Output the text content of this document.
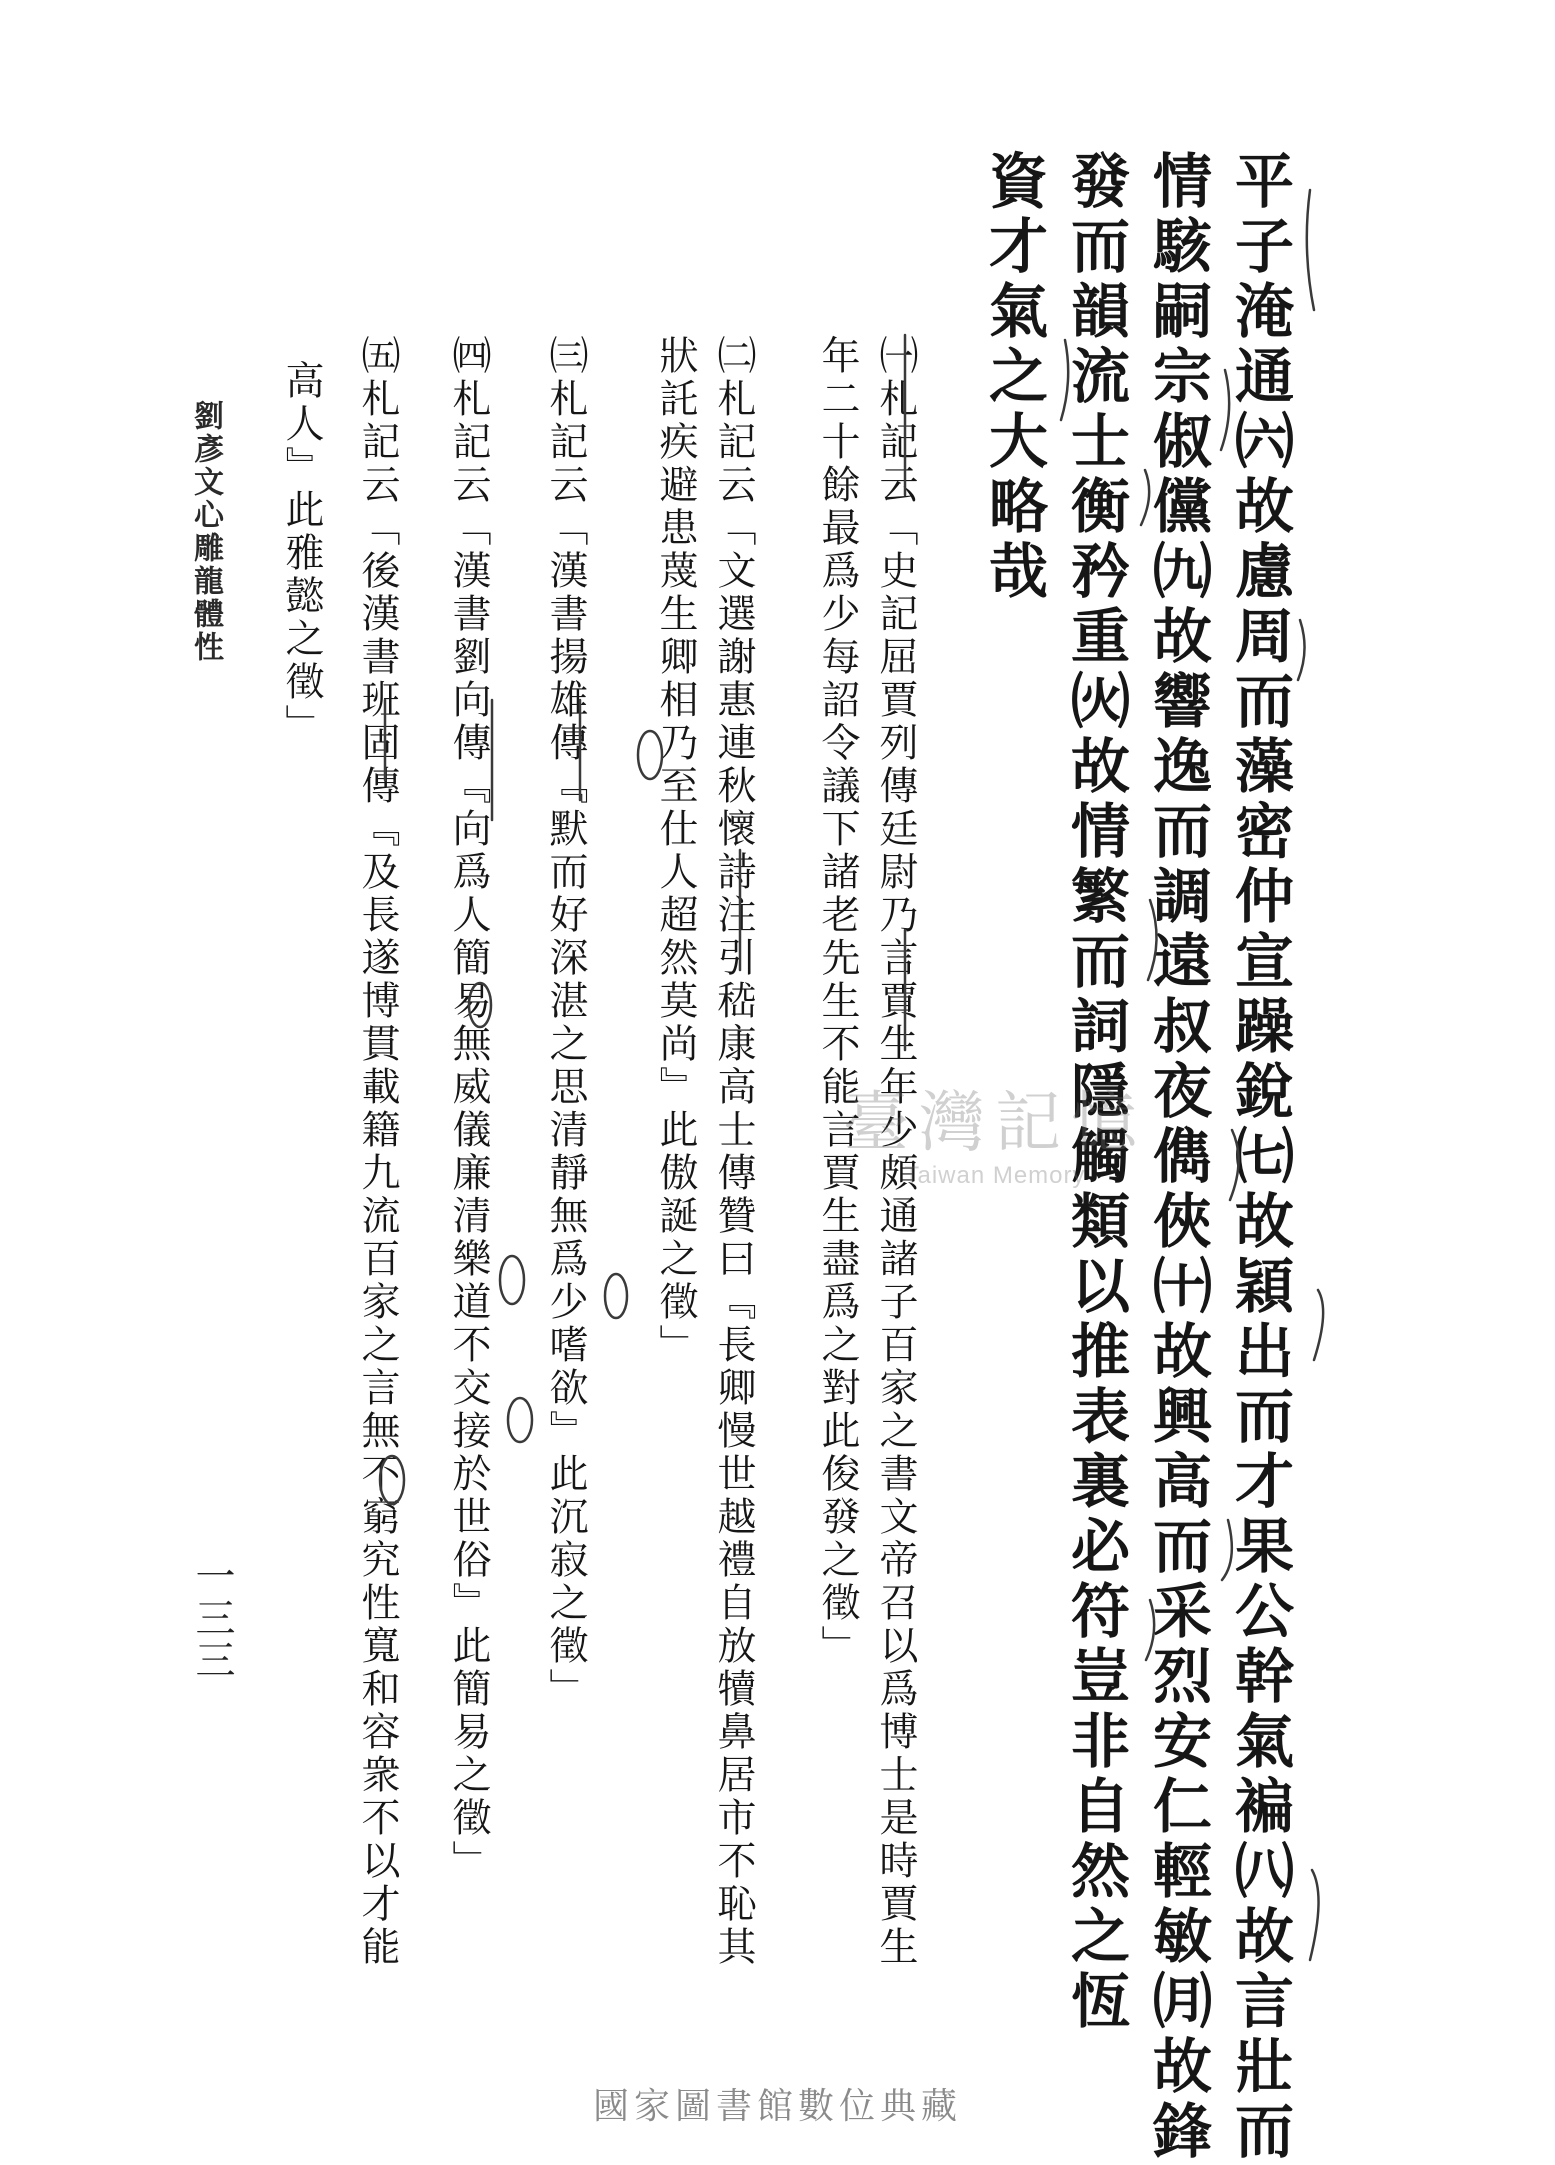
平子淹通㈥故慮周而藻密仲宣躁銳㈦故穎出而才果公幹氣褊㈧故言壯而
情駭嗣宗俶儻㈨故響逸而調遠叔夜儁俠㈩故興高而采烈安仁輕敏㈪故鋒
發而韻流士衡矜重㈫故情繁而詞隱觸類以推表裏必符豈非自然之恆
資才氣之大略哉
㈠札記云「史記屈賈列傳廷尉乃言賈生年少頗通諸子百家之書文帝召以爲博士是時賈生
年二十餘最爲少每詔令議下諸老先生不能言賈生盡爲之對此俊發之徵」
㈡札記云「文選謝惠連秋懷詩注引嵇康高士傳贊曰『長卿慢世越禮自放犢鼻居市不恥其
狀託疾避患蔑生卿相乃至仕人超然莫尚』此傲誕之徵」
㈢札記云「漢書揚雄傳『默而好深湛之思清靜無爲少嗜欲』此沉寂之徵」
㈣札記云「漢書劉向傳『向爲人簡易無威儀廉清樂道不交接於世俗』此簡易之徵」
㈤札記云「後漢書班固傳『及長遂博貫載籍九流百家之言無不窮究性寬和容衆不以才能
高人』此雅懿之徵」
劉彥文心雕龍體性
一三三
臺灣記憶
Taiwan Memory
國家圖書館數位典藏
